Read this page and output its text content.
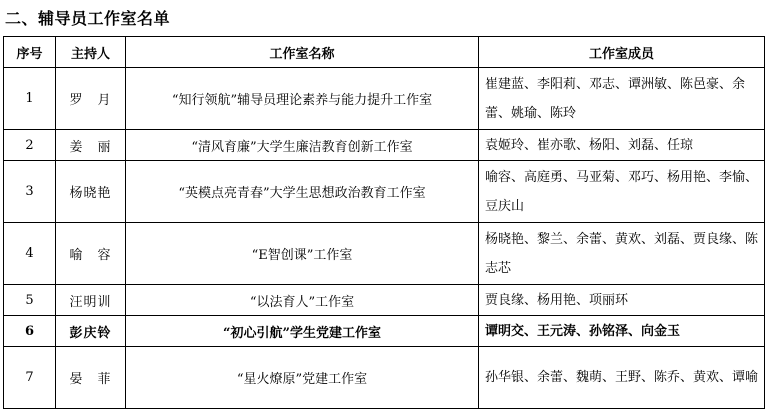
二、辅导员工作室名单
序号	主持人	工作室名称	工作室成员
1	罗　月	“知行领航”辅导员理论素养与能力提升工作室	崔建蓝、李阳莉、邓志、谭洲敏、陈邑豪、余蕾、姚瑜、陈玲
2	姜　丽	“清风育廉”大学生廉洁教育创新工作室	袁姬玲、崔亦歌、杨阳、刘磊、任琼
3	杨晓艳	“英模点亮青春”大学生思想政治教育工作室	喻容、高庭勇、马亚菊、邓巧、杨用艳、李愉、豆庆山
4	喻　容	“E智创课”工作室	杨晓艳、黎兰、余蕾、黄欢、刘磊、贾良缘、陈志芯
5	汪明训	“以法育人”工作室	贾良缘、杨用艳、项丽环
6	彭庆铃	“初心引航”学生党建工作室	谭明交、王元涛、孙铭泽、向金玉
7	晏　菲	“星火燎原”党建工作室	孙华银、余蕾、魏萌、王野、陈乔、黄欢、谭喻
